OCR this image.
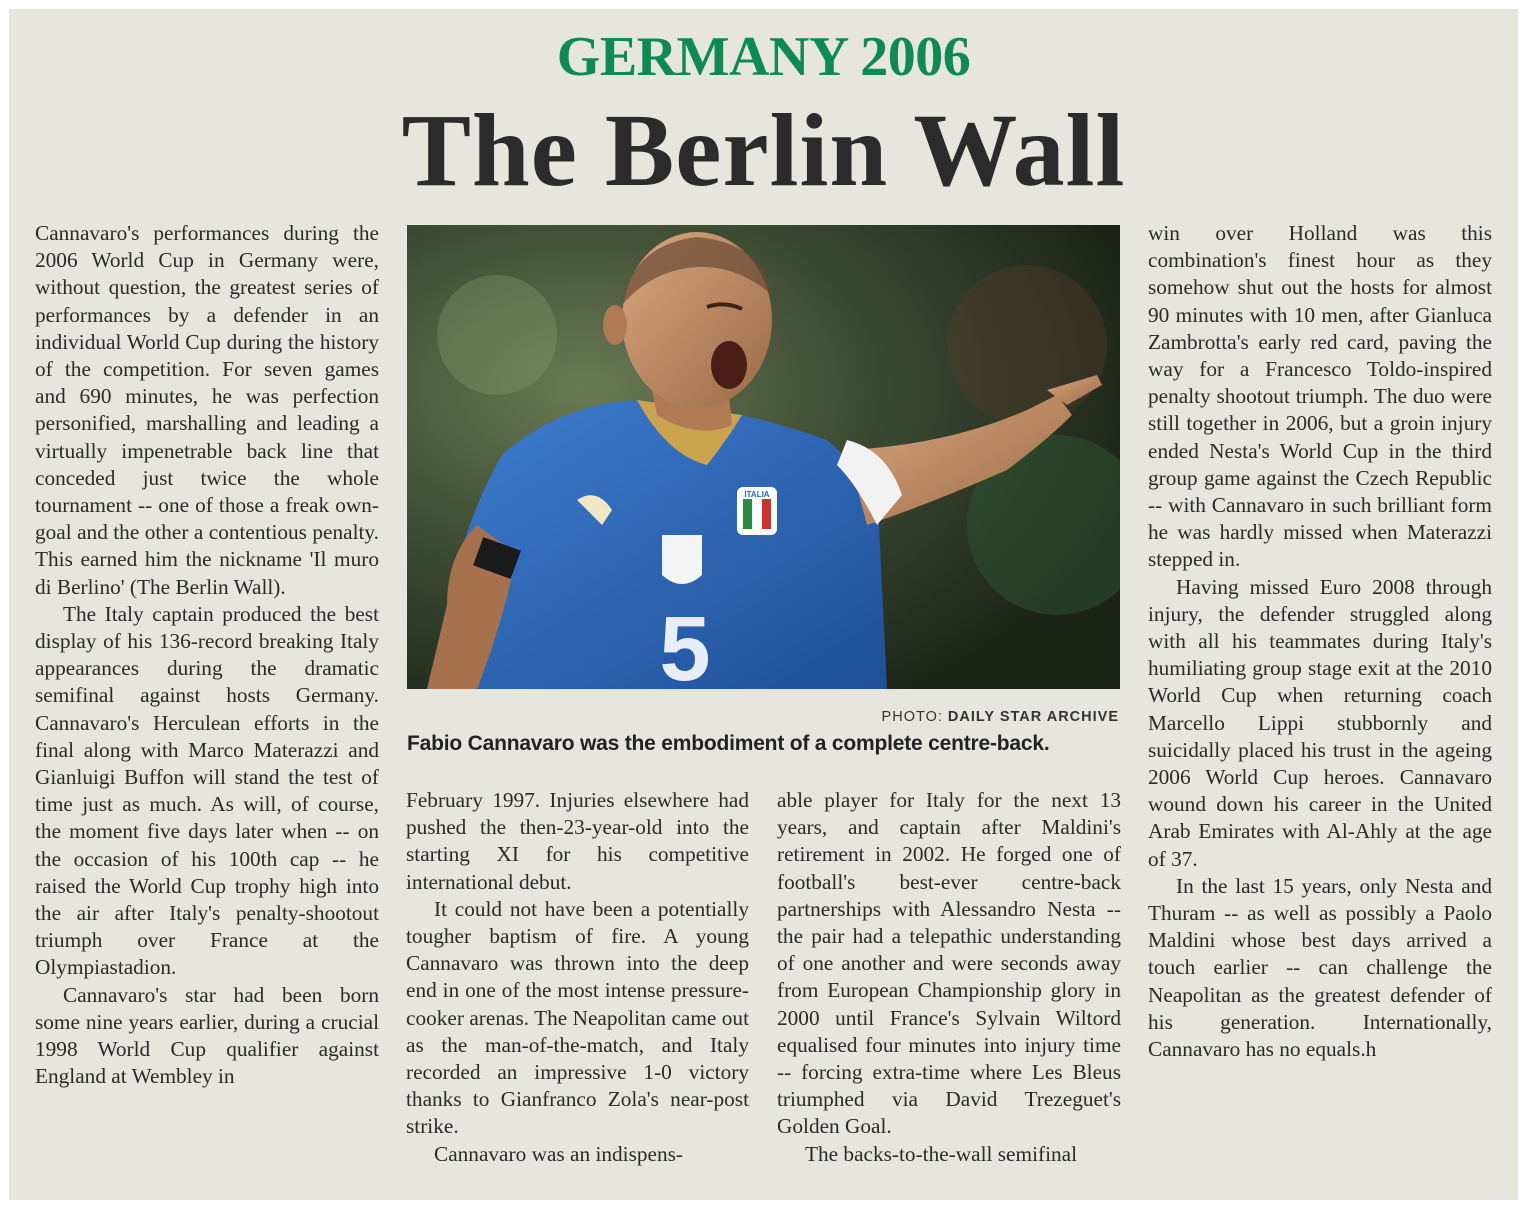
GERMANY 2006
The Berlin Wall

Cannavaro's performances during the 2006 World Cup in Germany were, without question, the greatest series of performances by a defender in an individual World Cup during the history of the competition. For seven games and 690 minutes, he was perfection personified, marshalling and leading a virtually impenetrable back line that conceded just twice the whole tournament -- one of those a freak own-goal and the other a contentious penalty. This earned him the nickname 'Il muro di Berlino' (The Berlin Wall).

The Italy captain produced the best display of his 136-record breaking Italy appearances during the dramatic semifinal against hosts Germany. Cannavaro's Herculean efforts in the final along with Marco Materazzi and Gianluigi Buffon will stand the test of time just as much. As will, of course, the moment five days later when -- on the occasion of his 100th cap -- he raised the World Cup trophy high into the air after Italy's penalty-shootout triumph over France at the Olympiastadion.

Cannavaro's star had been born some nine years earlier, during a crucial 1998 World Cup qualifier against England at Wembley in

ITALIA
5
PHOTO: DAILY STAR ARCHIVE
Fabio Cannavaro was the embodiment of a complete centre-back.

February 1997. Injuries elsewhere had pushed the then-23-year-old into the starting XI for his competitive international debut.

It could not have been a potentially tougher baptism of fire. A young Cannavaro was thrown into the deep end in one of the most intense pressure-cooker arenas. The Neapolitan came out as the man-of-the-match, and Italy recorded an impressive 1-0 victory thanks to Gianfranco Zola's near-post strike.

Cannavaro was an indispens-

able player for Italy for the next 13 years, and captain after Maldini's retirement in 2002. He forged one of football's best-ever centre-back partnerships with Alessandro Nesta -- the pair had a telepathic understanding of one another and were seconds away from European Championship glory in 2000 until France's Sylvain Wiltord equalised four minutes into injury time -- forcing extra-time where Les Bleus triumphed via David Trezeguet's Golden Goal.

The backs-to-the-wall semifinal

win over Holland was this combination's finest hour as they somehow shut out the hosts for almost 90 minutes with 10 men, after Gianluca Zambrotta's early red card, paving the way for a Francesco Toldo-inspired penalty shootout triumph. The duo were still together in 2006, but a groin injury ended Nesta's World Cup in the third group game against the Czech Republic -- with Cannavaro in such brilliant form he was hardly missed when Materazzi stepped in.

Having missed Euro 2008 through injury, the defender struggled along with all his teammates during Italy's humiliating group stage exit at the 2010 World Cup when returning coach Marcello Lippi stubbornly and suicidally placed his trust in the ageing 2006 World Cup heroes. Cannavaro wound down his career in the United Arab Emirates with Al-Ahly at the age of 37.

In the last 15 years, only Nesta and Thuram -- as well as possibly a Paolo Maldini whose best days arrived a touch earlier -- can challenge the Neapolitan as the greatest defender of his generation. Internationally, Cannavaro has no equals.h
